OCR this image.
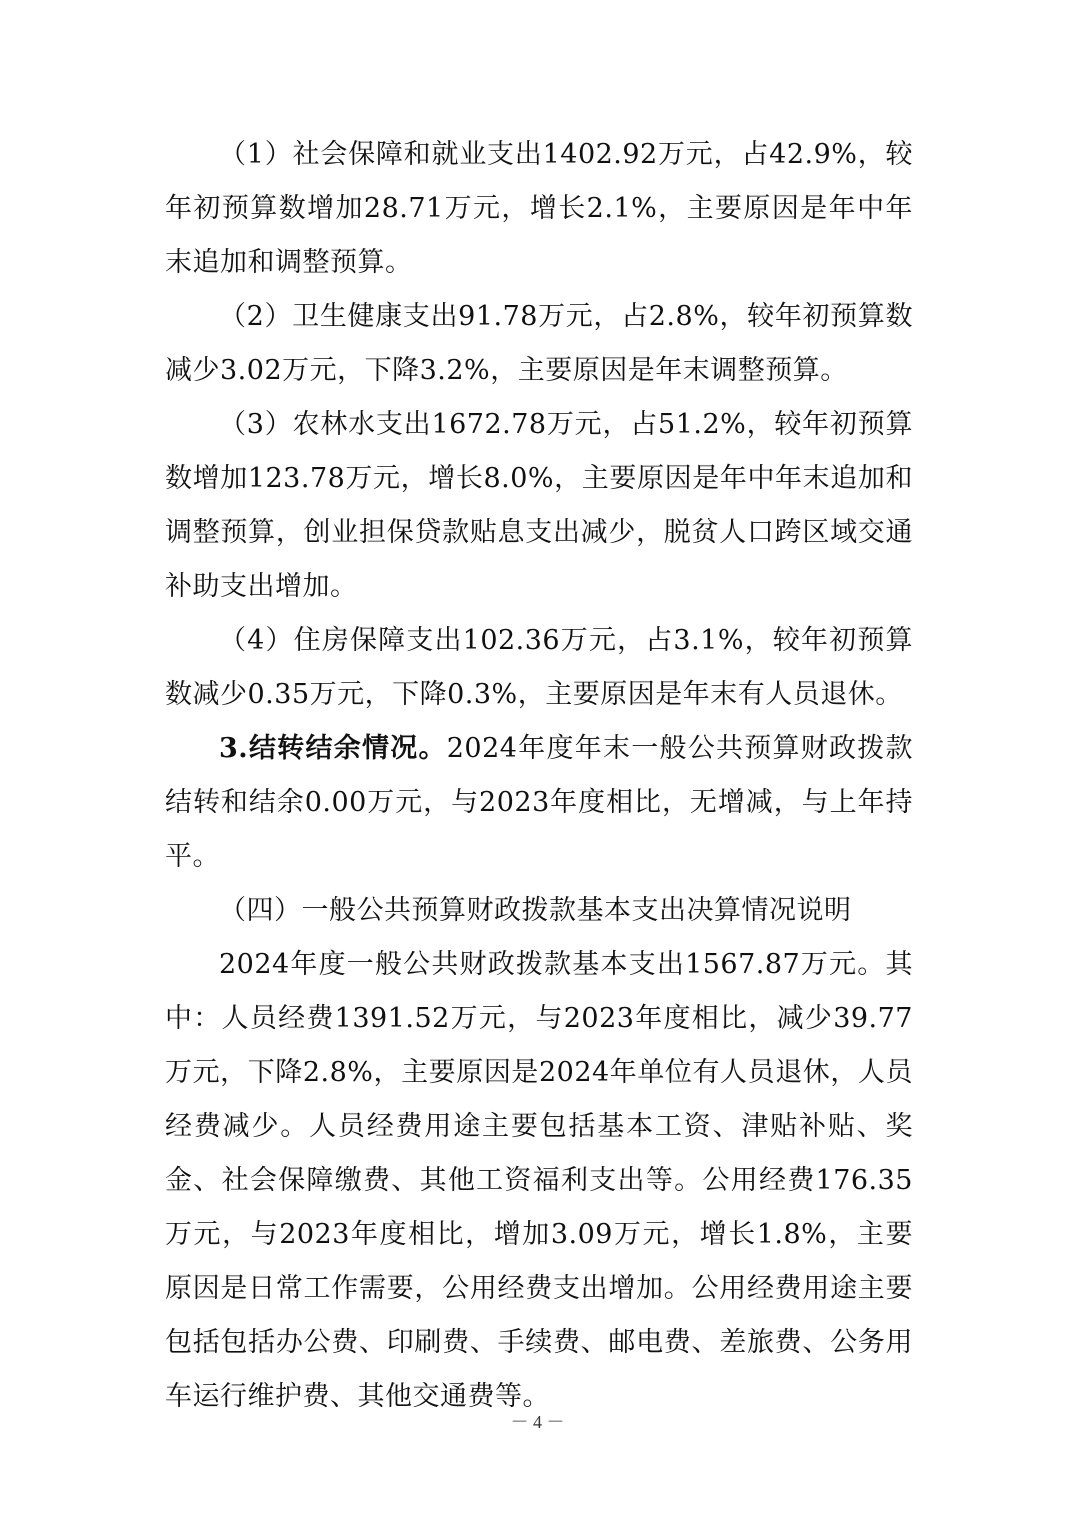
（1）社会保障和就业支出1402.92万元，占42.9%，较年初预算数增加28.71万元，增长2.1%，主要原因是年中年末追加和调整预算。

（2）卫生健康支出91.78万元，占2.8%，较年初预算数减少3.02万元，下降3.2%，主要原因是年末调整预算。

（3）农林水支出1672.78万元，占51.2%，较年初预算数增加123.78万元，增长8.0%，主要原因是年中年末追加和调整预算，创业担保贷款贴息支出减少，脱贫人口跨区域交通补助支出增加。

（4）住房保障支出102.36万元，占3.1%，较年初预算数减少0.35万元，下降0.3%，主要原因是年末有人员退休。

3.结转结余情况。2024年度年末一般公共预算财政拨款结转和结余0.00万元，与2023年度相比，无增减，与上年持平。

（四）一般公共预算财政拨款基本支出决算情况说明

2024年度一般公共财政拨款基本支出1567.87万元。其中：人员经费1391.52万元，与2023年度相比，减少39.77万元，下降2.8%，主要原因是2024年单位有人员退休，人员经费减少。人员经费用途主要包括基本工资、津贴补贴、奖金、社会保障缴费、其他工资福利支出等。公用经费176.35万元，与2023年度相比，增加3.09万元，增长1.8%，主要原因是日常工作需要，公用经费支出增加。公用经费用途主要包括包括办公费、印刷费、手续费、邮电费、差旅费、公务用车运行维护费、其他交通费等。

－ 4 －
